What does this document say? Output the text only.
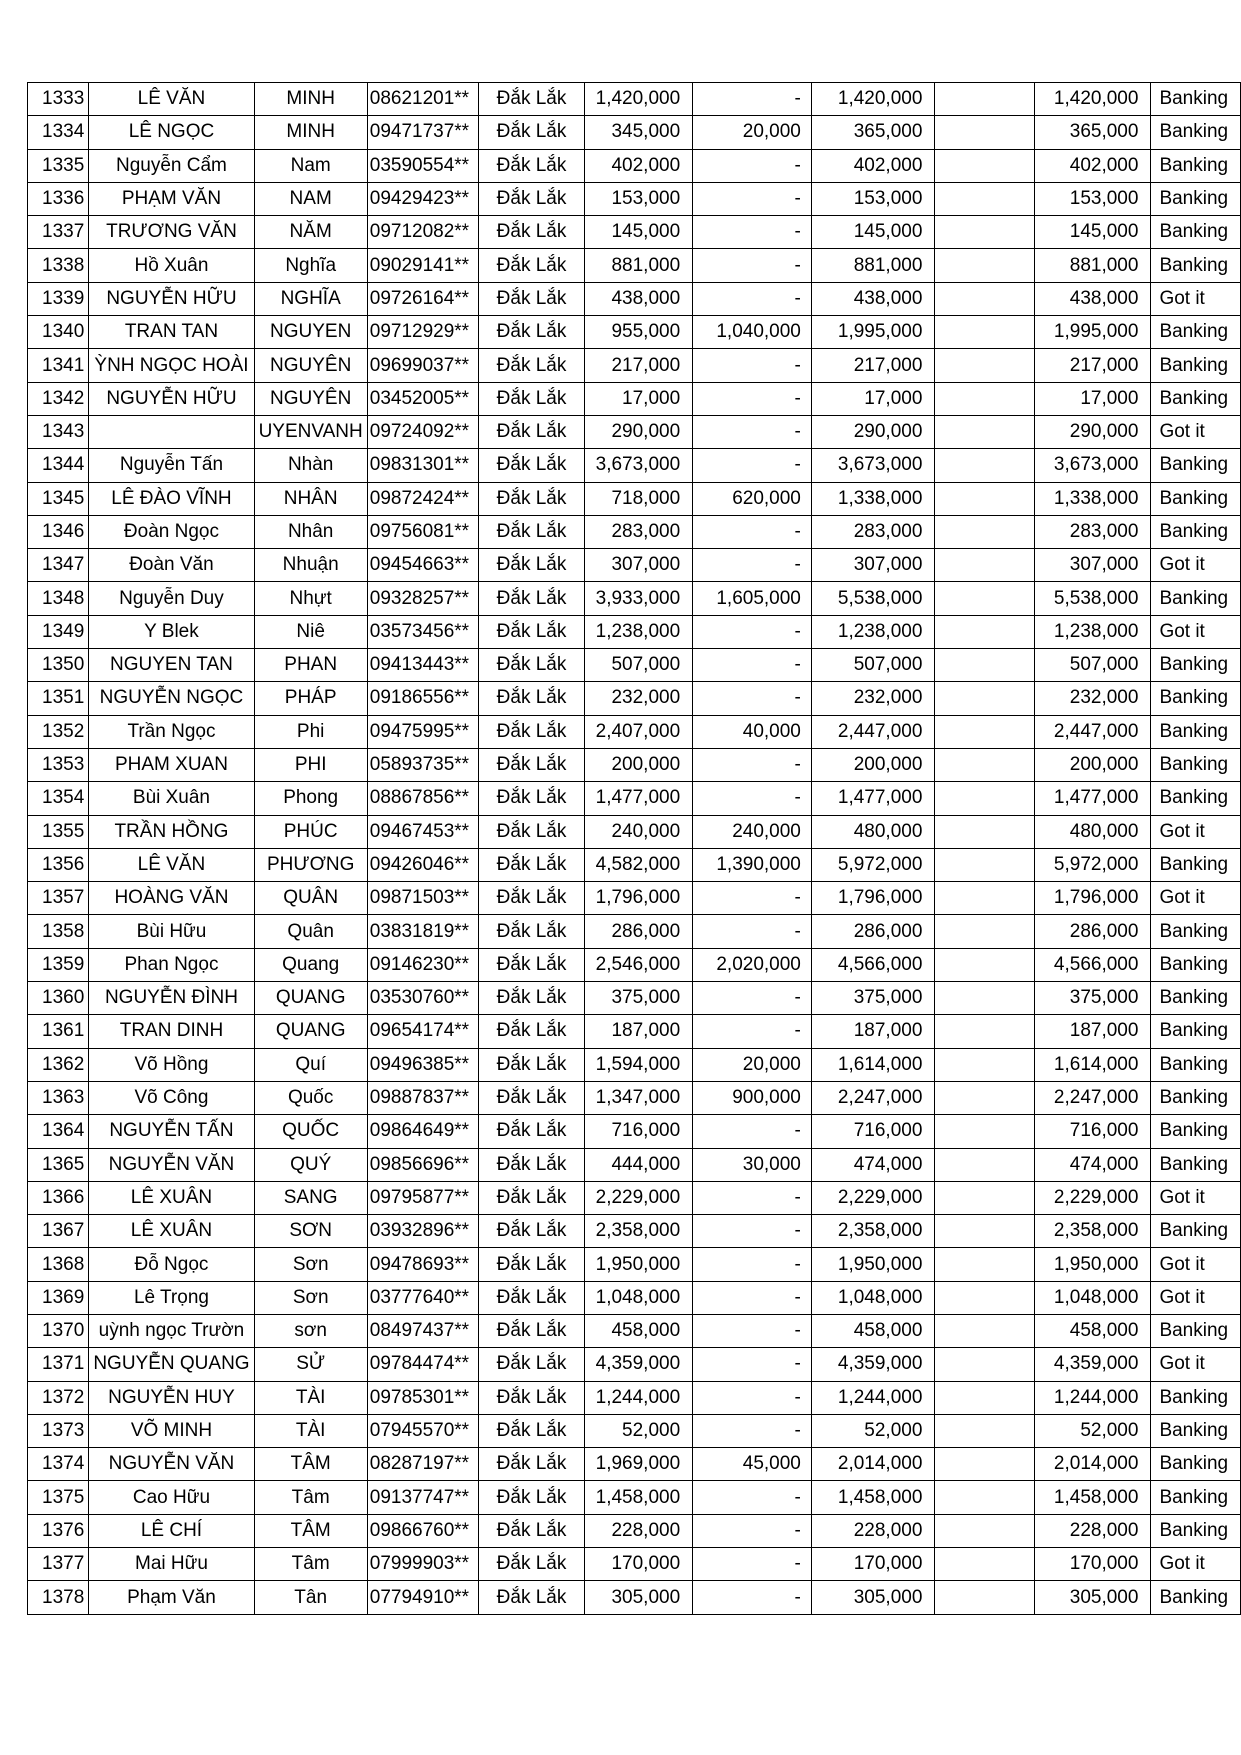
1333	LÊ VĂN	MINH	08621201**	Đắk Lắk	1,420,000	-	1,420,000		1,420,000	Banking
1334	LÊ NGỌC	MINH	09471737**	Đắk Lắk	345,000	20,000	365,000		365,000	Banking
1335	Nguyễn Cẩm	Nam	03590554**	Đắk Lắk	402,000	-	402,000		402,000	Banking
1336	PHẠM VĂN	NAM	09429423**	Đắk Lắk	153,000	-	153,000		153,000	Banking
1337	TRƯƠNG VĂN	NĂM	09712082**	Đắk Lắk	145,000	-	145,000		145,000	Banking
1338	Hồ Xuân	Nghĩa	09029141**	Đắk Lắk	881,000	-	881,000		881,000	Banking
1339	NGUYỄN HỮU	NGHĨA	09726164**	Đắk Lắk	438,000	-	438,000		438,000	Got it
1340	TRAN TAN	NGUYEN	09712929**	Đắk Lắk	955,000	1,040,000	1,995,000		1,995,000	Banking
1341	ỲNH NGỌC HOÀI	NGUYÊN	09699037**	Đắk Lắk	217,000	-	217,000		217,000	Banking
1342	NGUYỄN HỮU	NGUYÊN	03452005**	Đắk Lắk	17,000	-	17,000		17,000	Banking
1343		UYENVANH	09724092**	Đắk Lắk	290,000	-	290,000		290,000	Got it
1344	Nguyễn Tấn	Nhàn	09831301**	Đắk Lắk	3,673,000	-	3,673,000		3,673,000	Banking
1345	LÊ ĐÀO VĨNH	NHÂN	09872424**	Đắk Lắk	718,000	620,000	1,338,000		1,338,000	Banking
1346	Đoàn Ngọc	Nhân	09756081**	Đắk Lắk	283,000	-	283,000		283,000	Banking
1347	Đoàn Văn	Nhuận	09454663**	Đắk Lắk	307,000	-	307,000		307,000	Got it
1348	Nguyễn Duy	Nhựt	09328257**	Đắk Lắk	3,933,000	1,605,000	5,538,000		5,538,000	Banking
1349	Y Blek	Niê	03573456**	Đắk Lắk	1,238,000	-	1,238,000		1,238,000	Got it
1350	NGUYEN TAN	PHAN	09413443**	Đắk Lắk	507,000	-	507,000		507,000	Banking
1351	NGUYỄN NGỌC	PHÁP	09186556**	Đắk Lắk	232,000	-	232,000		232,000	Banking
1352	Trần Ngọc	Phi	09475995**	Đắk Lắk	2,407,000	40,000	2,447,000		2,447,000	Banking
1353	PHAM XUAN	PHI	05893735**	Đắk Lắk	200,000	-	200,000		200,000	Banking
1354	Bùi Xuân	Phong	08867856**	Đắk Lắk	1,477,000	-	1,477,000		1,477,000	Banking
1355	TRẦN HỒNG	PHÚC	09467453**	Đắk Lắk	240,000	240,000	480,000		480,000	Got it
1356	LÊ VĂN	PHƯƠNG	09426046**	Đắk Lắk	4,582,000	1,390,000	5,972,000		5,972,000	Banking
1357	HOÀNG VĂN	QUÂN	09871503**	Đắk Lắk	1,796,000	-	1,796,000		1,796,000	Got it
1358	Bùi Hữu	Quân	03831819**	Đắk Lắk	286,000	-	286,000		286,000	Banking
1359	Phan Ngọc	Quang	09146230**	Đắk Lắk	2,546,000	2,020,000	4,566,000		4,566,000	Banking
1360	NGUYỄN ĐÌNH	QUANG	03530760**	Đắk Lắk	375,000	-	375,000		375,000	Banking
1361	TRAN DINH	QUANG	09654174**	Đắk Lắk	187,000	-	187,000		187,000	Banking
1362	Võ Hồng	Quí	09496385**	Đắk Lắk	1,594,000	20,000	1,614,000		1,614,000	Banking
1363	Võ Công	Quốc	09887837**	Đắk Lắk	1,347,000	900,000	2,247,000		2,247,000	Banking
1364	NGUYỄN TẤN	QUỐC	09864649**	Đắk Lắk	716,000	-	716,000		716,000	Banking
1365	NGUYỄN VĂN	QUÝ	09856696**	Đắk Lắk	444,000	30,000	474,000		474,000	Banking
1366	LÊ XUÂN	SANG	09795877**	Đắk Lắk	2,229,000	-	2,229,000		2,229,000	Got it
1367	LÊ XUÂN	SƠN	03932896**	Đắk Lắk	2,358,000	-	2,358,000		2,358,000	Banking
1368	Đỗ Ngọc	Sơn	09478693**	Đắk Lắk	1,950,000	-	1,950,000		1,950,000	Got it
1369	Lê Trọng	Sơn	03777640**	Đắk Lắk	1,048,000	-	1,048,000		1,048,000	Got it
1370	uỳnh ngọc Trườn	sơn	08497437**	Đắk Lắk	458,000	-	458,000		458,000	Banking
1371	NGUYỄN QUANG	SỬ	09784474**	Đắk Lắk	4,359,000	-	4,359,000		4,359,000	Got it
1372	NGUYỄN HUY	TÀI	09785301**	Đắk Lắk	1,244,000	-	1,244,000		1,244,000	Banking
1373	VÕ MINH	TÀI	07945570**	Đắk Lắk	52,000	-	52,000		52,000	Banking
1374	NGUYỄN VĂN	TÂM	08287197**	Đắk Lắk	1,969,000	45,000	2,014,000		2,014,000	Banking
1375	Cao Hữu	Tâm	09137747**	Đắk Lắk	1,458,000	-	1,458,000		1,458,000	Banking
1376	LÊ CHÍ	TÂM	09866760**	Đắk Lắk	228,000	-	228,000		228,000	Banking
1377	Mai Hữu	Tâm	07999903**	Đắk Lắk	170,000	-	170,000		170,000	Got it
1378	Phạm Văn	Tân	07794910**	Đắk Lắk	305,000	-	305,000		305,000	Banking
